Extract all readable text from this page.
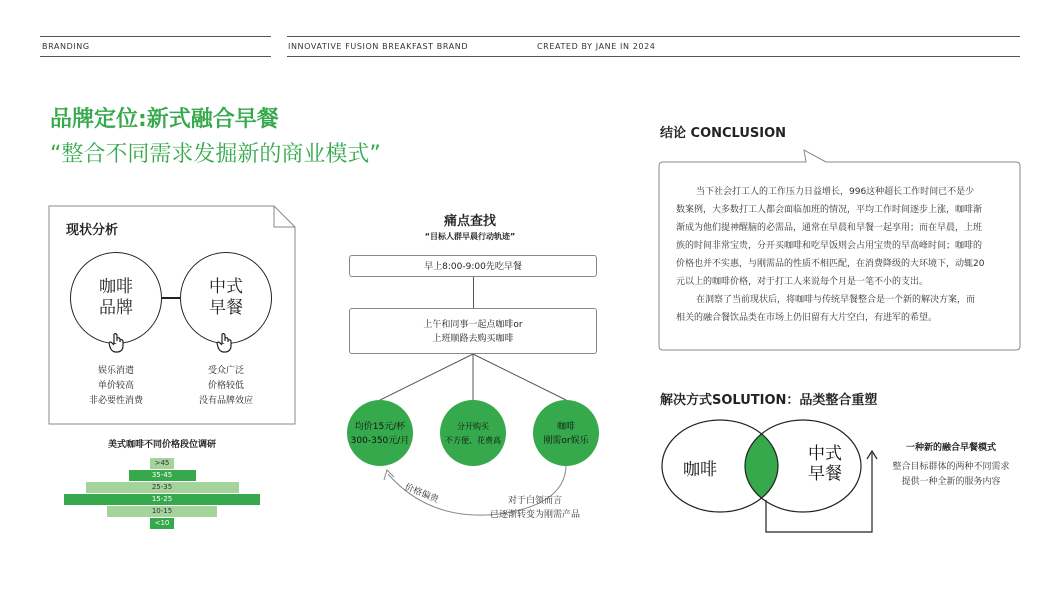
BRANDING	INNOVATIVE FUSION BREAKFAST BRAND	CREATED BY JANE IN 2024
品牌定位:新式融合早餐
“整合不同需求发掘新的商业模式”
现状分析
咖啡
品牌
中式
早餐
娱乐消遣
单价较高
非必要性消费
受众广泛
价格较低
没有品牌效应
美式咖啡不同价格段位调研
>45
35-45
25-35
15-25
10-15
<10
痛点查找
“目标人群早晨行动轨迹”
早上8:00-9:00先吃早餐
上午和同事一起点咖啡or
上班顺路去购买咖啡
均价15元/杯
300-350元/月
分开购买
不方便、花费高
咖啡
刚需or娱乐
价格偏贵	对于白领而言
已逐渐转变为刚需产品
结论 CONCLUSION
当下社会打工人的工作压力日益增长，996这种超长工作时间已不是少
数案例，大多数打工人都会面临加班的情况，平均工作时间逐步上涨，咖啡渐
渐成为他们提神醒脑的必需品，通常在早晨和早餐一起享用；而在早晨，上班
族的时间非常宝贵，分开买咖啡和吃早饭则会占用宝贵的早高峰时间；咖啡的
价格也并不实惠，与刚需品的性质不相匹配，在消费降级的大环境下，动辄20
元以上的咖啡价格，对于打工人来说每个月是一笔不小的支出。
在洞察了当前现状后，将咖啡与传统早餐整合是一个新的解决方案，而
相关的融合餐饮品类在市场上仍旧留有大片空白，有进军的希望。
解决方式SOLUTION：品类整合重塑
咖啡
中式
早餐
一种新的融合早餐模式
整合目标群体的两种不同需求
提供一种全新的服务内容
